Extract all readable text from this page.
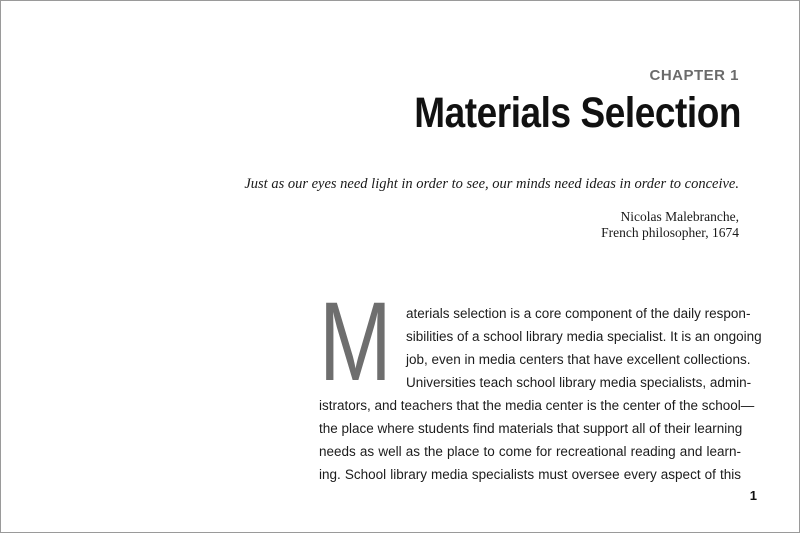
CHAPTER 1
Materials Selection
Just as our eyes need light in order to see, our minds need ideas in order to conceive.
Nicolas Malebranche,
French philosopher, 1674
M aterials selection is a core component of the daily respon-
sibilities of a school library media specialist. It is an ongoing
job, even in media centers that have excellent collections.
Universities teach school library media specialists, admin-
istrators, and teachers that the media center is the center of the school—
the place where students find materials that support all of their learning
needs as well as the place to come for recreational reading and learn-
ing. School library media specialists must oversee every aspect of this
1
